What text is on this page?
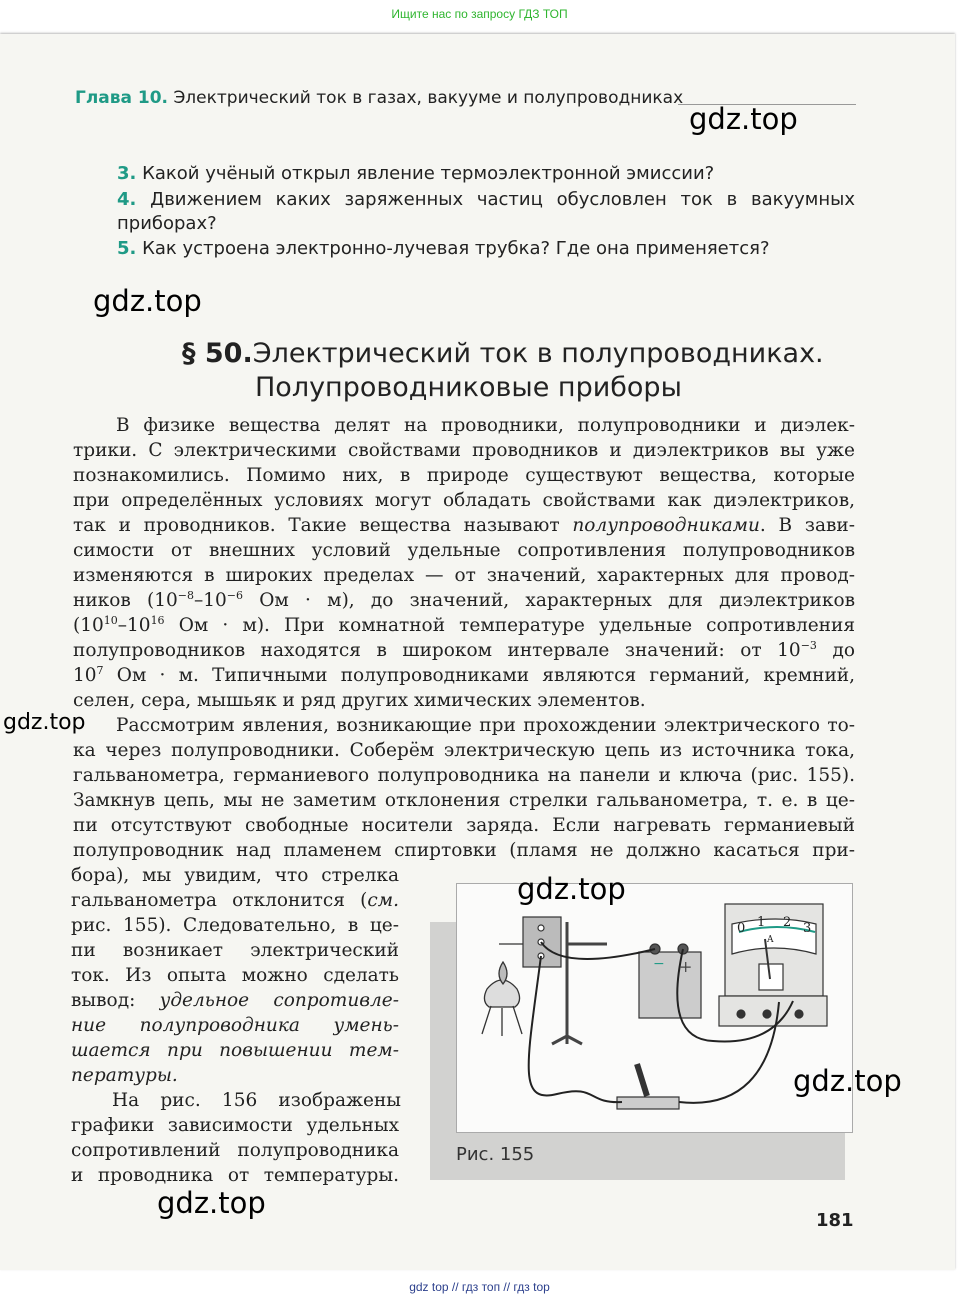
Ищите нас по запросу ГДЗ ТОП
Глава 10. Электрический ток в газах, вакууме и полупроводниках
3. Какой учёный открыл явление термоэлектронной эмиссии?
4. Движением каких заряженных частиц обусловлен ток в вакуумных приборах?
5. Как устроена электронно-лучевая трубка? Где она применяется?
§ 50.Электрический ток в полупроводниках.
Полупроводниковые приборы
В физике вещества делят на проводники, полупроводники и диэлек-
трики. С электрическими свойствами проводников и диэлектриков вы уже
познакомились. Помимо них, в природе существуют вещества, которые
при определённых условиях могут обладать свойствами как диэлектриков,
так и проводников. Такие вещества называют полупроводниками. В зави-
симости от внешних условий удельные сопротивления полупроводников
изменяются в широких пределах — от значений, характерных для провод-
ников ($10^{-8}-10^{-6}$ Ом · м), до значений, характерных для диэлектриков
($10^{10}-10^{16}$ Ом · м). При комнатной температуре удельные сопротивления
полупроводников находятся в широком интервале значений: от $10^{-3}$ до
$10^7$ Ом · м. Типичными полупроводниками являются германий, кремний,
селен, сера, мышьяк и ряд других химических элементов.
Рассмотрим явления, возникающие при прохождении электрического то-
ка через полупроводники. Соберём электрическую цепь из источника тока,
гальванометра, германиевого полупроводника на панели и ключа (рис. 155).
Замкнув цепь, мы не заметим отклонения стрелки гальванометра, т. е. в це-
пи отсутствуют свободные носители заряда. Если нагревать германиевый
полупроводник над пламенем спиртовки (пламя не должно касаться при-
бора), мы увидим, что стрелка
гальванометра отклонится (см.
рис. 155). Следовательно, в це-
пи возникает электрический
ток. Из опыта можно сделать
вывод: удельное сопротивле-
ние полупроводника умень-
шается при повышении тем-
пературы.
На рис. 156 изображены
графики зависимости удельных
сопротивлений полупроводника
и проводника от температуры.
− +
0 1 2 3
A
Рис. 155
181
gdz.top
gdz.top
gdz.top
gdz.top
gdz.top
gdz.top
gdz top // гдз топ // гдз top
